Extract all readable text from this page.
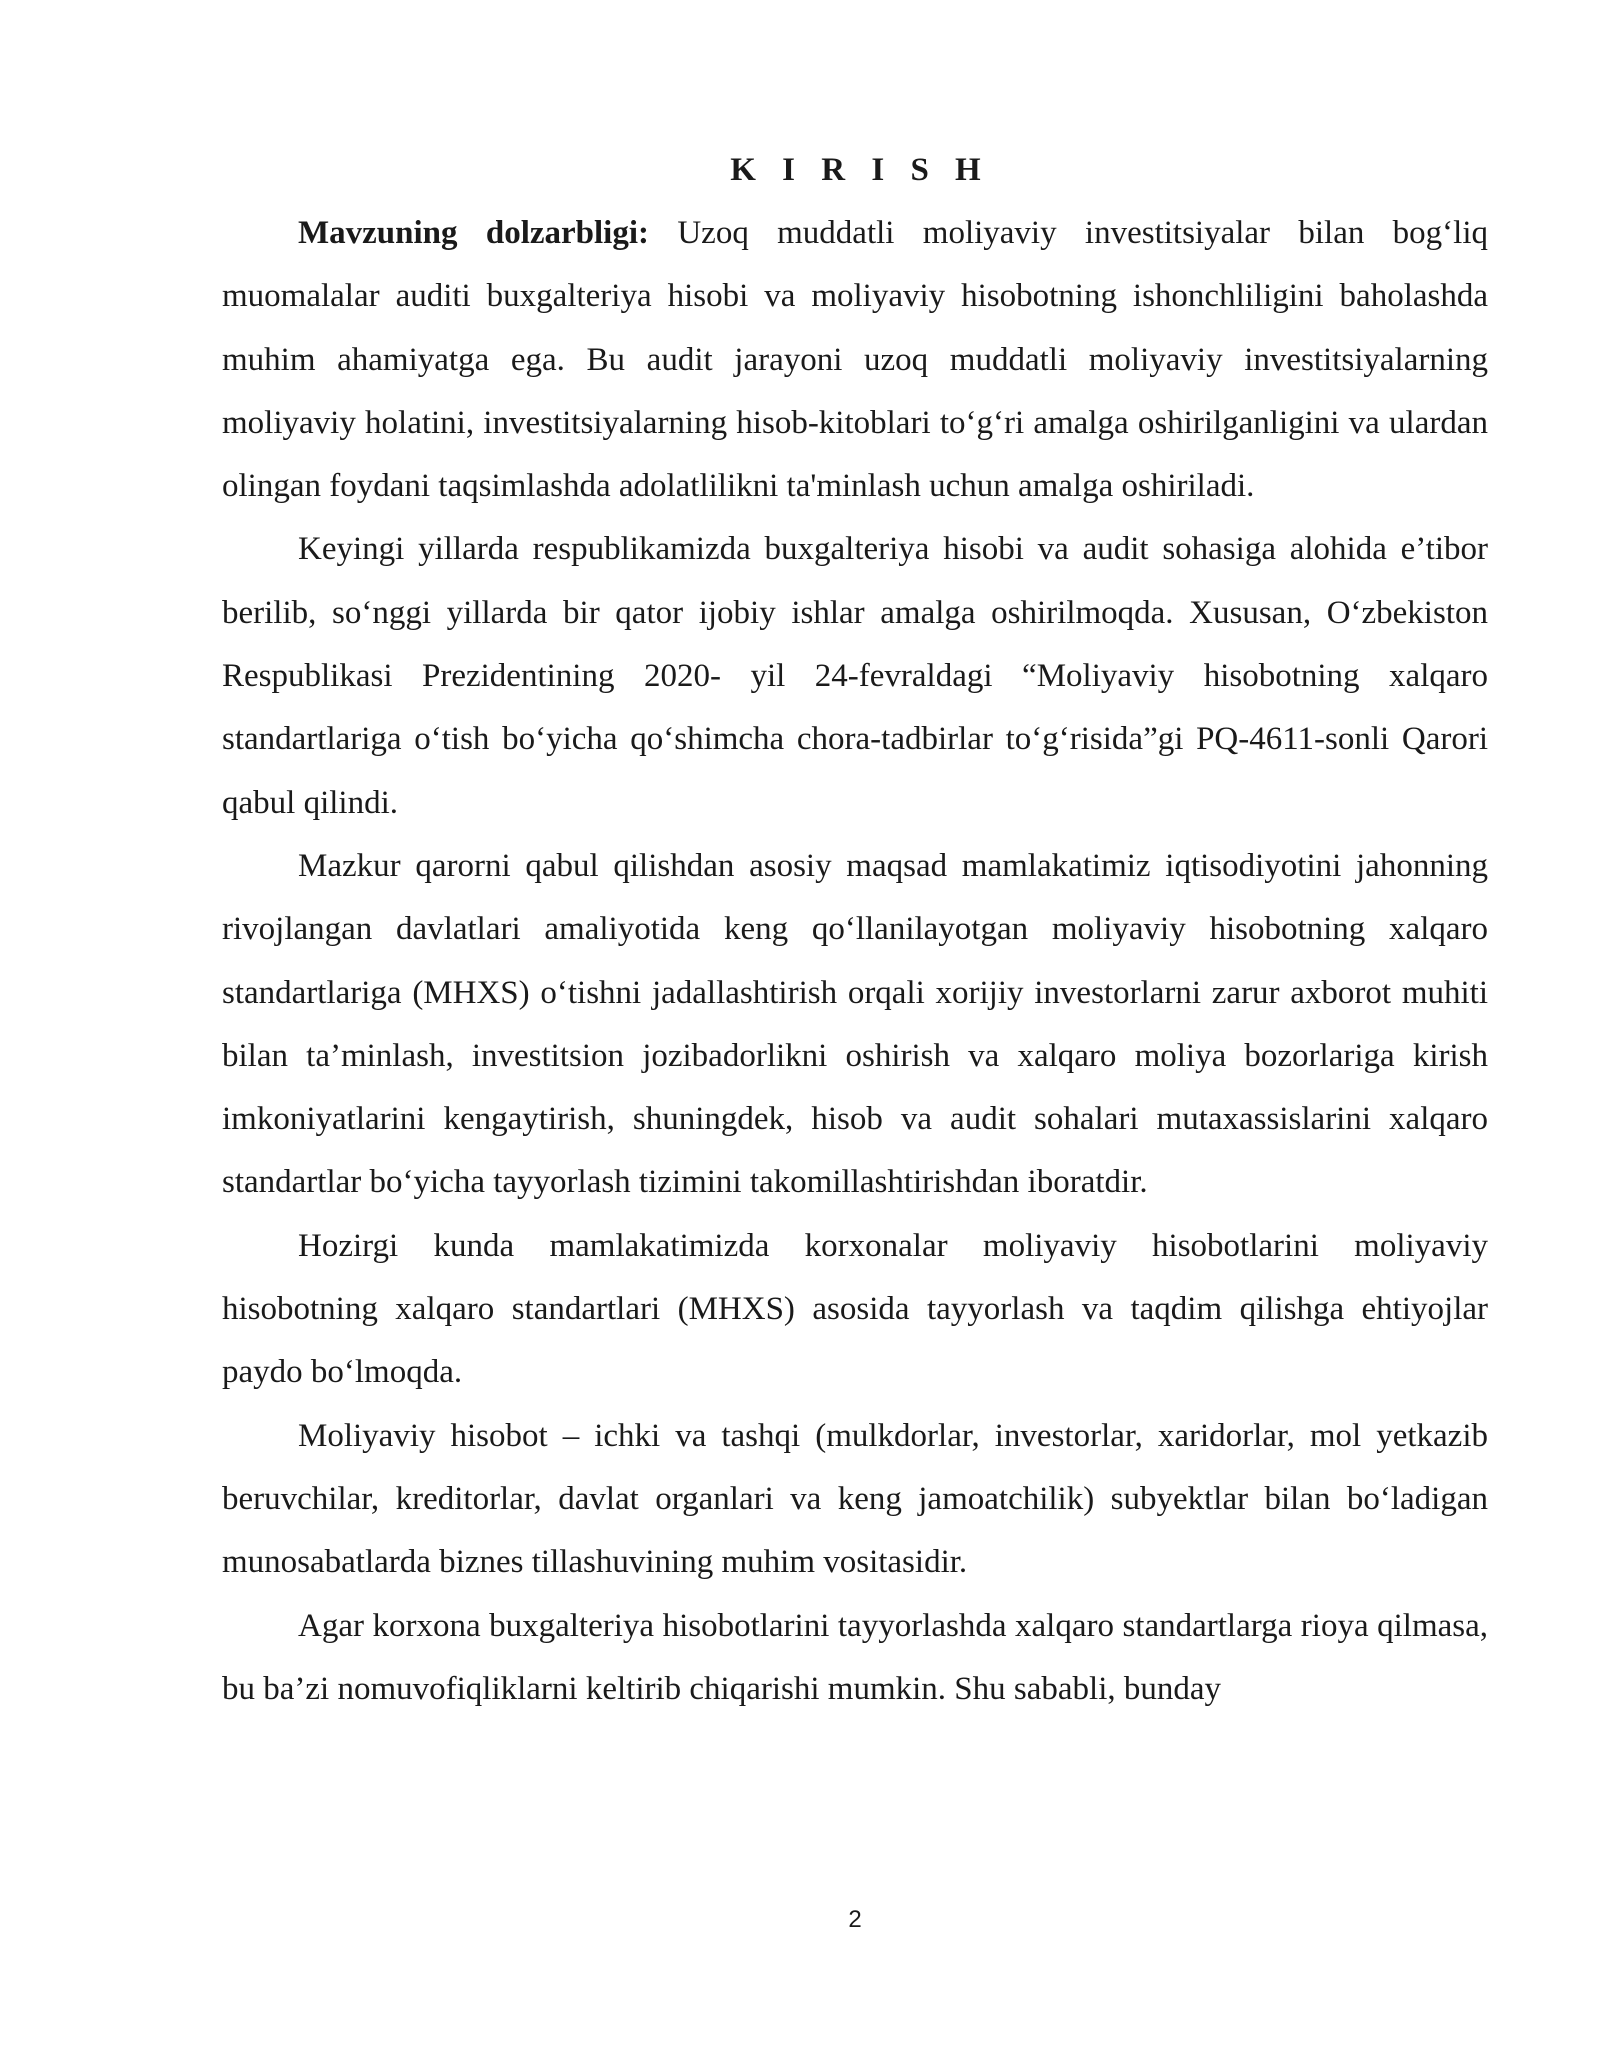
K I R I S H

Mavzuning dolzarbligi: Uzoq muddatli moliyaviy investitsiyalar bilan bog‘liq muomalalar auditi buxgalteriya hisobi va moliyaviy hisobotning ishonchliligini baholashda muhim ahamiyatga ega. Bu audit jarayoni uzoq muddatli moliyaviy investitsiyalarning moliyaviy holatini, investitsiyalarning hisob-kitoblari to‘g‘ri amalga oshirilganligini va ulardan olingan foydani taqsimlashda adolatlilikni ta'minlash uchun amalga oshiriladi.

Keyingi yillarda respublikamizda buxgalteriya hisobi va audit sohasiga alohida e’tibor berilib, so‘nggi yillarda bir qator ijobiy ishlar amalga oshirilmoqda. Xususan, O‘zbekiston Respublikasi Prezidentining 2020- yil 24-fevraldagi “Moliyaviy hisobotning xalqaro standartlariga o‘tish bo‘yicha qo‘shimcha chora-tadbirlar to‘g‘risida”gi PQ-4611-sonli Qarori qabul qilindi.

Mazkur qarorni qabul qilishdan asosiy maqsad mamlakatimiz iqtisodiyotini jahonning rivojlangan davlatlari amaliyotida keng qo‘llanilayotgan moliyaviy hisobotning xalqaro standartlariga (MHXS) o‘tishni jadallashtirish orqali xorijiy investorlarni zarur axborot muhiti bilan ta’minlash, investitsion jozibadorlikni oshirish va xalqaro moliya bozorlariga kirish imkoniyatlarini kengaytirish, shuningdek, hisob va audit sohalari mutaxassislarini xalqaro standartlar bo‘yicha tayyorlash tizimini takomillashtirishdan iboratdir.

Hozirgi kunda mamlakatimizda korxonalar moliyaviy hisobotlarini moliyaviy hisobotning xalqaro standartlari (MHXS) asosida tayyorlash va taqdim qilishga ehtiyojlar paydo bo‘lmoqda.

Moliyaviy hisobot – ichki va tashqi (mulkdorlar, investorlar, xaridorlar, mol yetkazib beruvchilar, kreditorlar, davlat organlari va keng jamoatchilik) subyektlar bilan bo‘ladigan munosabatlarda biznes tillashuvining muhim vositasidir.

Agar korxona buxgalteriya hisobotlarini tayyorlashda xalqaro standartlarga rioya qilmasa, bu ba’zi nomuvofiqliklarni keltirib chiqarishi mumkin. Shu sababli, bunday

2
